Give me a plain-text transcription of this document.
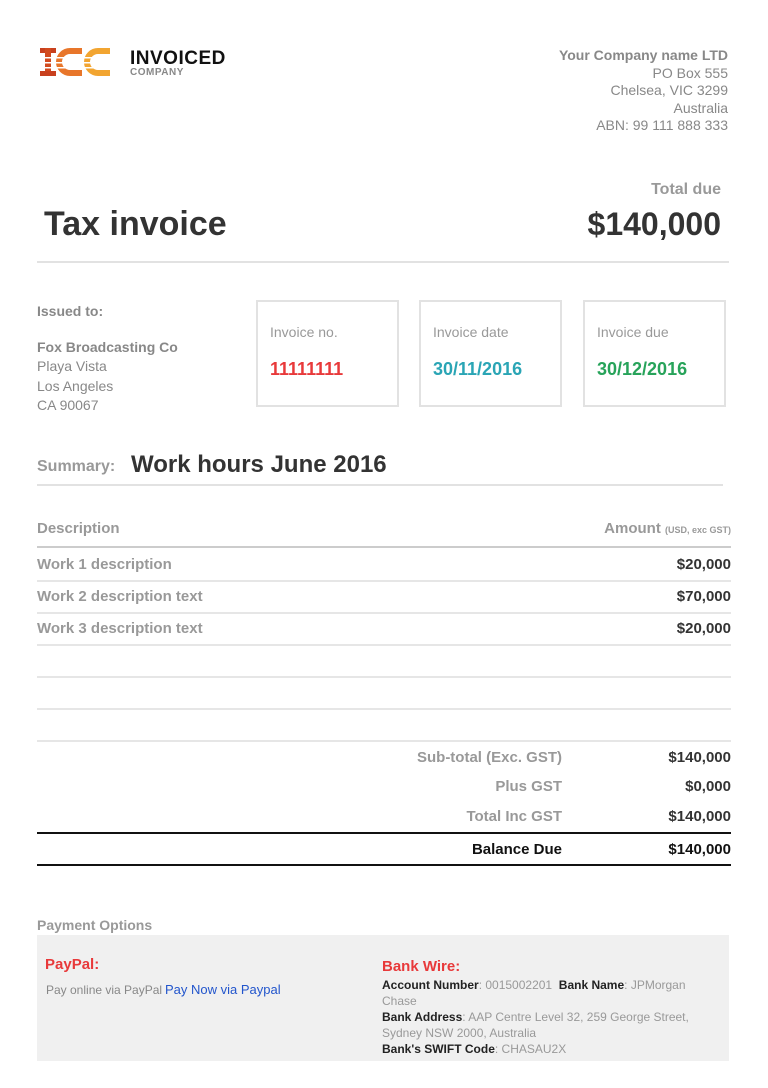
INVOICED
COMPANY
Your Company name LTD
PO Box 555
Chelsea, VIC 3299
Australia
ABN: 99 111 888 333
Total due
$140,000
Tax invoice
Issued to:
Fox Broadcasting Co
Playa Vista
Los Angeles
CA 90067
Invoice no.
11111111
Invoice date
30/11/2016
Invoice due
30/12/2016
Summary: Work hours June 2016
Description	Amount (USD, exc GST)
Work 1 description	$20,000
Work 2 description text	$70,000
Work 3 description text	$20,000
Sub-total (Exc. GST)	$140,000
Plus GST	$0,000
Total Inc GST	$140,000
Balance Due	$140,000
Payment Options
PayPal:
Pay online via PayPal Pay Now via Paypal
Bank Wire:
Account Number: 0015002201 Bank Name: JPMorgan Chase
Bank Address: AAP Centre Level 32, 259 George Street, Sydney NSW 2000, Australia
Bank's SWIFT Code: CHASAU2X
